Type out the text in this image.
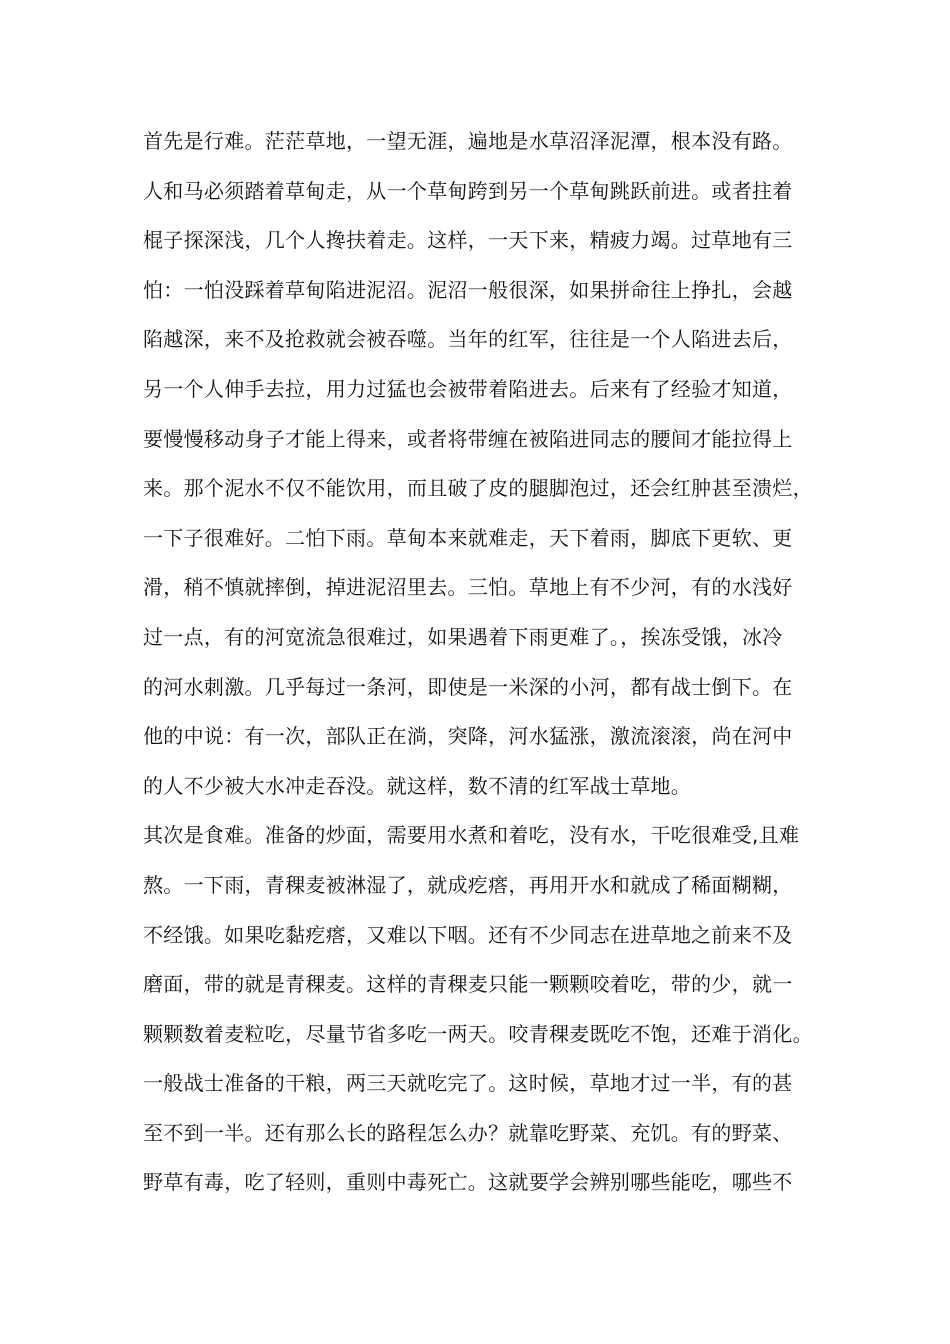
首先是行难。茫茫草地，一望无涯，遍地是水草沼泽泥潭，根本没有路。
人和马必须踏着草甸走，从一个草甸跨到另一个草甸跳跃前进。或者拄着
棍子探深浅，几个人搀扶着走。这样，一天下来，精疲力竭。过草地有三
怕：一怕没踩着草甸陷进泥沼。泥沼一般很深，如果拼命往上挣扎，会越
陷越深，来不及抢救就会被吞噬。当年的红军，往往是一个人陷进去后，
另一个人伸手去拉，用力过猛也会被带着陷进去。后来有了经验才知道，
要慢慢移动身子才能上得来，或者将带缠在被陷进同志的腰间才能拉得上
来。那个泥水不仅不能饮用，而且破了皮的腿脚泡过，还会红肿甚至溃烂，
一下子很难好。二怕下雨。草甸本来就难走，天下着雨，脚底下更软、更
滑，稍不慎就摔倒，掉进泥沼里去。三怕。草地上有不少河，有的水浅好
过一点，有的河宽流急很难过，如果遇着下雨更难了。，挨冻受饿，冰冷
的河水刺激。几乎每过一条河，即使是一米深的小河，都有战士倒下。在
他的中说：有一次，部队正在淌，突降，河水猛涨，激流滚滚，尚在河中
的人不少被大水冲走吞没。就这样，数不清的红军战士草地。
其次是食难。准备的炒面，需要用水煮和着吃，没有水，干吃很难受,且难
熬。一下雨，青稞麦被淋湿了，就成疙瘩，再用开水和就成了稀面糊糊，
不经饿。如果吃黏疙瘩，又难以下咽。还有不少同志在进草地之前来不及
磨面，带的就是青稞麦。这样的青稞麦只能一颗颗咬着吃，带的少，就一
颗颗数着麦粒吃，尽量节省多吃一两天。咬青稞麦既吃不饱，还难于消化。
一般战士准备的干粮，两三天就吃完了。这时候，草地才过一半，有的甚
至不到一半。还有那么长的路程怎么办？就靠吃野菜、充饥。有的野菜、
野草有毒，吃了轻则，重则中毒死亡。这就要学会辨别哪些能吃，哪些不
